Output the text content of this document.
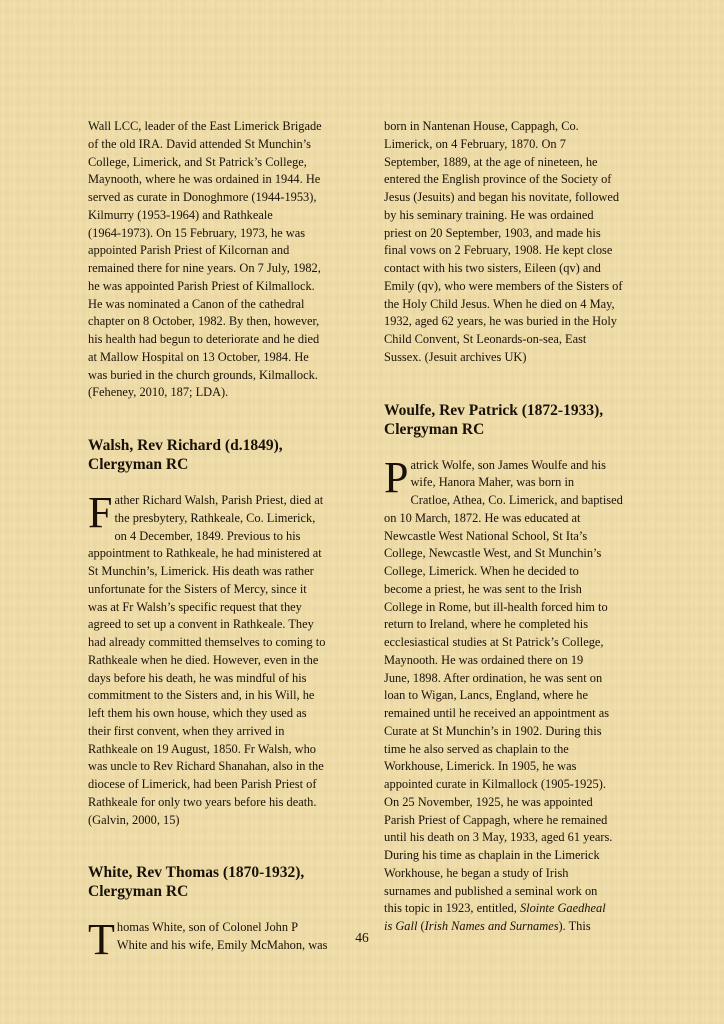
Wall LCC, leader of the East Limerick Brigade
of the old IRA. David attended St Munchin’s
College, Limerick, and St Patrick’s College,
Maynooth, where he was ordained in 1944. He
served as curate in Donoghmore (1944-1953),
Kilmurry (1953-1964) and Rathkeale
(1964-1973). On 15 February, 1973, he was
appointed Parish Priest of Kilcornan and
remained there for nine years. On 7 July, 1982,
he was appointed Parish Priest of Kilmallock.
He was nominated a Canon of the cathedral
chapter on 8 October, 1982. By then, however,
his health had begun to deteriorate and he died
at Mallow Hospital on 13 October, 1984. He
was buried in the church grounds, Kilmallock.
(Feheney, 2010, 187; LDA).

Walsh, Rev Richard (d.1849),
Clergyman RC

F ather Richard Walsh, Parish Priest, died at
the presbytery, Rathkeale, Co. Limerick,
on 4 December, 1849. Previous to his
appointment to Rathkeale, he had ministered at
St Munchin’s, Limerick. His death was rather
unfortunate for the Sisters of Mercy, since it
was at Fr Walsh’s specific request that they
agreed to set up a convent in Rathkeale. They
had already committed themselves to coming to
Rathkeale when he died. However, even in the
days before his death, he was mindful of his
commitment to the Sisters and, in his Will, he
left them his own house, which they used as
their first convent, when they arrived in
Rathkeale on 19 August, 1850. Fr Walsh, who
was uncle to Rev Richard Shanahan, also in the
diocese of Limerick, had been Parish Priest of
Rathkeale for only two years before his death.
(Galvin, 2000, 15)

White, Rev Thomas (1870-1932),
Clergyman RC

T homas White, son of Colonel John P
White and his wife, Emily McMahon, was

born in Nantenan House, Cappagh, Co.
Limerick, on 4 February, 1870. On 7
September, 1889, at the age of nineteen, he
entered the English province of the Society of
Jesus (Jesuits) and began his novitate, followed
by his seminary training. He was ordained
priest on 20 September, 1903, and made his
final vows on 2 February, 1908. He kept close
contact with his two sisters, Eileen (qv) and
Emily (qv), who were members of the Sisters of
the Holy Child Jesus. When he died on 4 May,
1932, aged 62 years, he was buried in the Holy
Child Convent, St Leonards-on-sea, East
Sussex. (Jesuit archives UK)

Woulfe, Rev Patrick (1872-1933),
Clergyman RC

P atrick Wolfe, son James Woulfe and his
wife, Hanora Maher, was born in
Cratloe, Athea, Co. Limerick, and baptised
on 10 March, 1872. He was educated at
Newcastle West National School, St Ita’s
College, Newcastle West, and St Munchin’s
College, Limerick. When he decided to
become a priest, he was sent to the Irish
College in Rome, but ill-health forced him to
return to Ireland, where he completed his
ecclesiastical studies at St Patrick’s College,
Maynooth. He was ordained there on 19
June, 1898. After ordination, he was sent on
loan to Wigan, Lancs, England, where he
remained until he received an appointment as
Curate at St Munchin’s in 1902. During this
time he also served as chaplain to the
Workhouse, Limerick. In 1905, he was
appointed curate in Kilmallock (1905-1925).
On 25 November, 1925, he was appointed
Parish Priest of Cappagh, where he remained
until his death on 3 May, 1933, aged 61 years.
During his time as chaplain in the Limerick
Workhouse, he began a study of Irish
surnames and published a seminal work on
this topic in 1923, entitled, Slointe Gaedheal
is Gall (Irish Names and Surnames). This

46
